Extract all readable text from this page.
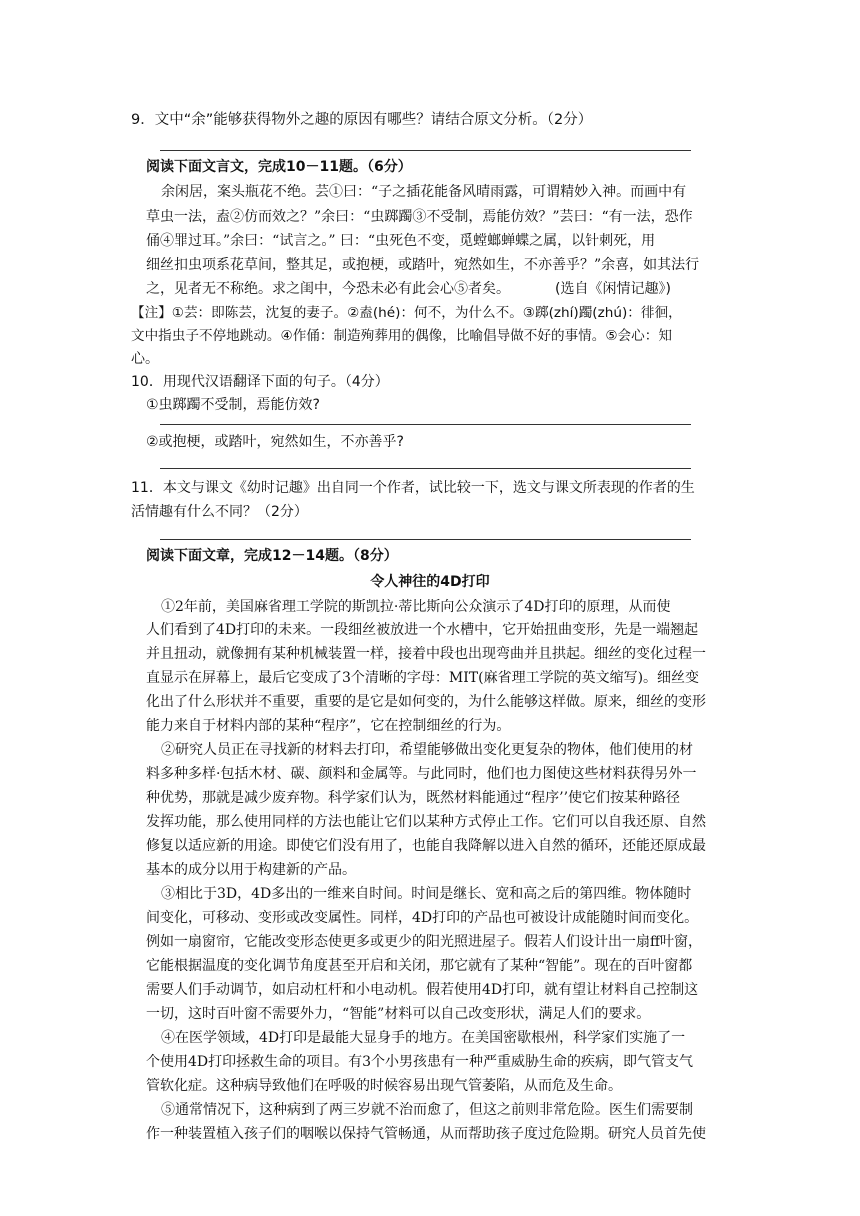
9．文中“余”能够获得物外之趣的原因有哪些？请结合原文分析。（2分）
阅读下面文言文，完成10－11题。（6分）
余闲居，案头瓶花不绝。芸①曰：“子之插花能备风晴雨露，可谓精妙入神。而画中有
草虫一法，盍②仿而效之？”余曰：“虫踯躅③不受制，焉能仿效？”芸曰：“有一法，恐作
俑④罪过耳。”余曰：“试言之。” 曰：“虫死色不变，觅螳螂蝉蝶之属，以针刺死，用
细丝扣虫项系花草间，整其足，或抱梗，或踏叶，宛然如生，不亦善乎？”余喜，如其法行
之，见者无不称绝。求之闺中，今恐未必有此会心⑤者矣。	(选自《闲情记趣》)
【注】①芸：即陈芸，沈复的妻子。②盍(hé)：何不，为什么不。③踯(zhí)躅(zhú)：徘徊，
文中指虫子不停地跳动。④作俑：制造殉葬用的偶像，比喻倡导做不好的事情。⑤会心：知
心。
10．用现代汉语翻译下面的句子。（4分）
①虫踯躅不受制，焉能仿效?
②或抱梗，或踏叶，宛然如生，不亦善乎?
11．本文与课文《幼时记趣》出自同一个作者，试比较一下，选文与课文所表现的作者的生
活情趣有什么不同？（2分）
阅读下面文章，完成12－14题。（8分）
令人神往的4D打印
①2年前，美国麻省理工学院的斯凯拉·蒂比斯向公众演示了4D打印的原理，从而使
人们看到了4D打印的未来。一段细丝被放进一个水槽中，它开始扭曲变形，先是一端翘起
并且扭动，就像拥有某种机械装置一样，接着中段也出现弯曲并且拱起。细丝的变化过程一
直显示在屏幕上，最后它变成了3个清晰的字母：MIT(麻省理工学院的英文缩写)。细丝变
化出了什么形状并不重要，重要的是它是如何变的，为什么能够这样做。原来，细丝的变形
能力来自于材料内部的某种“程序”，它在控制细丝的行为。
②研究人员正在寻找新的材料去打印，希望能够做出变化更复杂的物体，他们使用的材
料多种多样·包括木材、碳、颜料和金属等。与此同时，他们也力图使这些材料获得另外一
种优势，那就是减少废弃物。科学家们认为，既然材料能通过“程序’’使它们按某种路径
发挥功能，那么使用同样的方法也能让它们以某种方式停止工作。它们可以自我还原、自然
修复以适应新的用途。即使它们没有用了，也能自我降解以进入自然的循环，还能还原成最
基本的成分以用于构建新的产品。
③相比于3D，4D多出的一维来自时间。时间是继长、宽和高之后的第四维。物体随时
间变化，可移动、变形或改变属性。同样，4D打印的产品也可被设计成能随时间而变化。
例如一扇窗帘，它能改变形态使更多或更少的阳光照进屋子。假若人们设计出一扇ff叶窗，
它能根据温度的变化调节角度甚至开启和关闭，那它就有了某种“智能”。现在的百叶窗都
需要人们手动调节，如启动杠杆和小电动机。假若使用4D打印，就有望让材料自己控制这
一切，这时百叶窗不需要外力，“智能”材料可以自己改变形状，满足人们的要求。
④在医学领域，4D打印是最能大显身手的地方。在美国密歇根州，科学家们实施了一
个使用4D打印拯救生命的项目。有3个小男孩患有一种严重威胁生命的疾病，即气管支气
管软化症。这种病导致他们在呼吸的时候容易出现气管萎陷，从而危及生命。
⑤通常情况下，这种病到了两三岁就不治而愈了，但这之前则非常危险。医生们需要制
作一种装置植入孩子们的咽喉以保持气管畅通，从而帮助孩子度过危险期。研究人员首先使
